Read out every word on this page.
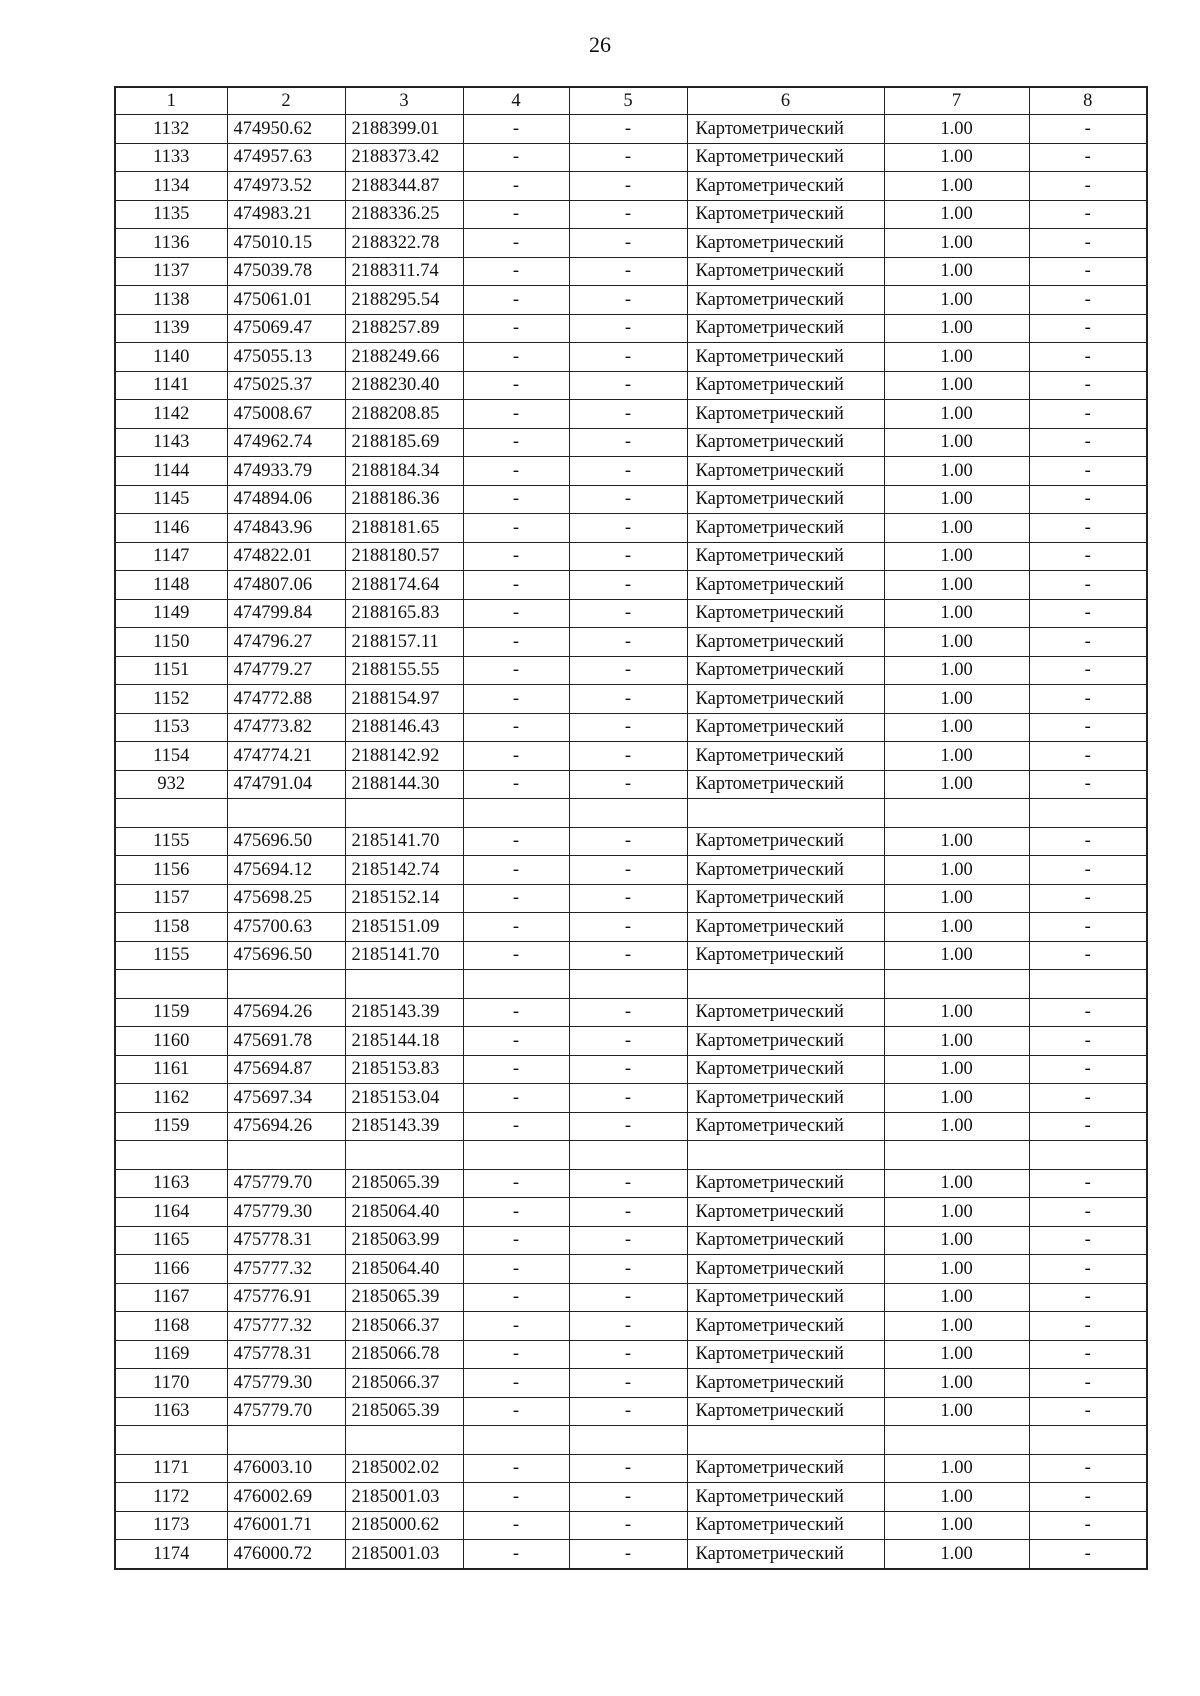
26
1	2	3	4	5	6	7	8
1132	474950.62	2188399.01	-	-	Картометрический	1.00	-
1133	474957.63	2188373.42	-	-	Картометрический	1.00	-
1134	474973.52	2188344.87	-	-	Картометрический	1.00	-
1135	474983.21	2188336.25	-	-	Картометрический	1.00	-
1136	475010.15	2188322.78	-	-	Картометрический	1.00	-
1137	475039.78	2188311.74	-	-	Картометрический	1.00	-
1138	475061.01	2188295.54	-	-	Картометрический	1.00	-
1139	475069.47	2188257.89	-	-	Картометрический	1.00	-
1140	475055.13	2188249.66	-	-	Картометрический	1.00	-
1141	475025.37	2188230.40	-	-	Картометрический	1.00	-
1142	475008.67	2188208.85	-	-	Картометрический	1.00	-
1143	474962.74	2188185.69	-	-	Картометрический	1.00	-
1144	474933.79	2188184.34	-	-	Картометрический	1.00	-
1145	474894.06	2188186.36	-	-	Картометрический	1.00	-
1146	474843.96	2188181.65	-	-	Картометрический	1.00	-
1147	474822.01	2188180.57	-	-	Картометрический	1.00	-
1148	474807.06	2188174.64	-	-	Картометрический	1.00	-
1149	474799.84	2188165.83	-	-	Картометрический	1.00	-
1150	474796.27	2188157.11	-	-	Картометрический	1.00	-
1151	474779.27	2188155.55	-	-	Картометрический	1.00	-
1152	474772.88	2188154.97	-	-	Картометрический	1.00	-
1153	474773.82	2188146.43	-	-	Картометрический	1.00	-
1154	474774.21	2188142.92	-	-	Картометрический	1.00	-
932	474791.04	2188144.30	-	-	Картометрический	1.00	-

1155	475696.50	2185141.70	-	-	Картометрический	1.00	-
1156	475694.12	2185142.74	-	-	Картометрический	1.00	-
1157	475698.25	2185152.14	-	-	Картометрический	1.00	-
1158	475700.63	2185151.09	-	-	Картометрический	1.00	-
1155	475696.50	2185141.70	-	-	Картометрический	1.00	-

1159	475694.26	2185143.39	-	-	Картометрический	1.00	-
1160	475691.78	2185144.18	-	-	Картометрический	1.00	-
1161	475694.87	2185153.83	-	-	Картометрический	1.00	-
1162	475697.34	2185153.04	-	-	Картометрический	1.00	-
1159	475694.26	2185143.39	-	-	Картометрический	1.00	-

1163	475779.70	2185065.39	-	-	Картометрический	1.00	-
1164	475779.30	2185064.40	-	-	Картометрический	1.00	-
1165	475778.31	2185063.99	-	-	Картометрический	1.00	-
1166	475777.32	2185064.40	-	-	Картометрический	1.00	-
1167	475776.91	2185065.39	-	-	Картометрический	1.00	-
1168	475777.32	2185066.37	-	-	Картометрический	1.00	-
1169	475778.31	2185066.78	-	-	Картометрический	1.00	-
1170	475779.30	2185066.37	-	-	Картометрический	1.00	-
1163	475779.70	2185065.39	-	-	Картометрический	1.00	-

1171	476003.10	2185002.02	-	-	Картометрический	1.00	-
1172	476002.69	2185001.03	-	-	Картометрический	1.00	-
1173	476001.71	2185000.62	-	-	Картометрический	1.00	-
1174	476000.72	2185001.03	-	-	Картометрический	1.00	-
